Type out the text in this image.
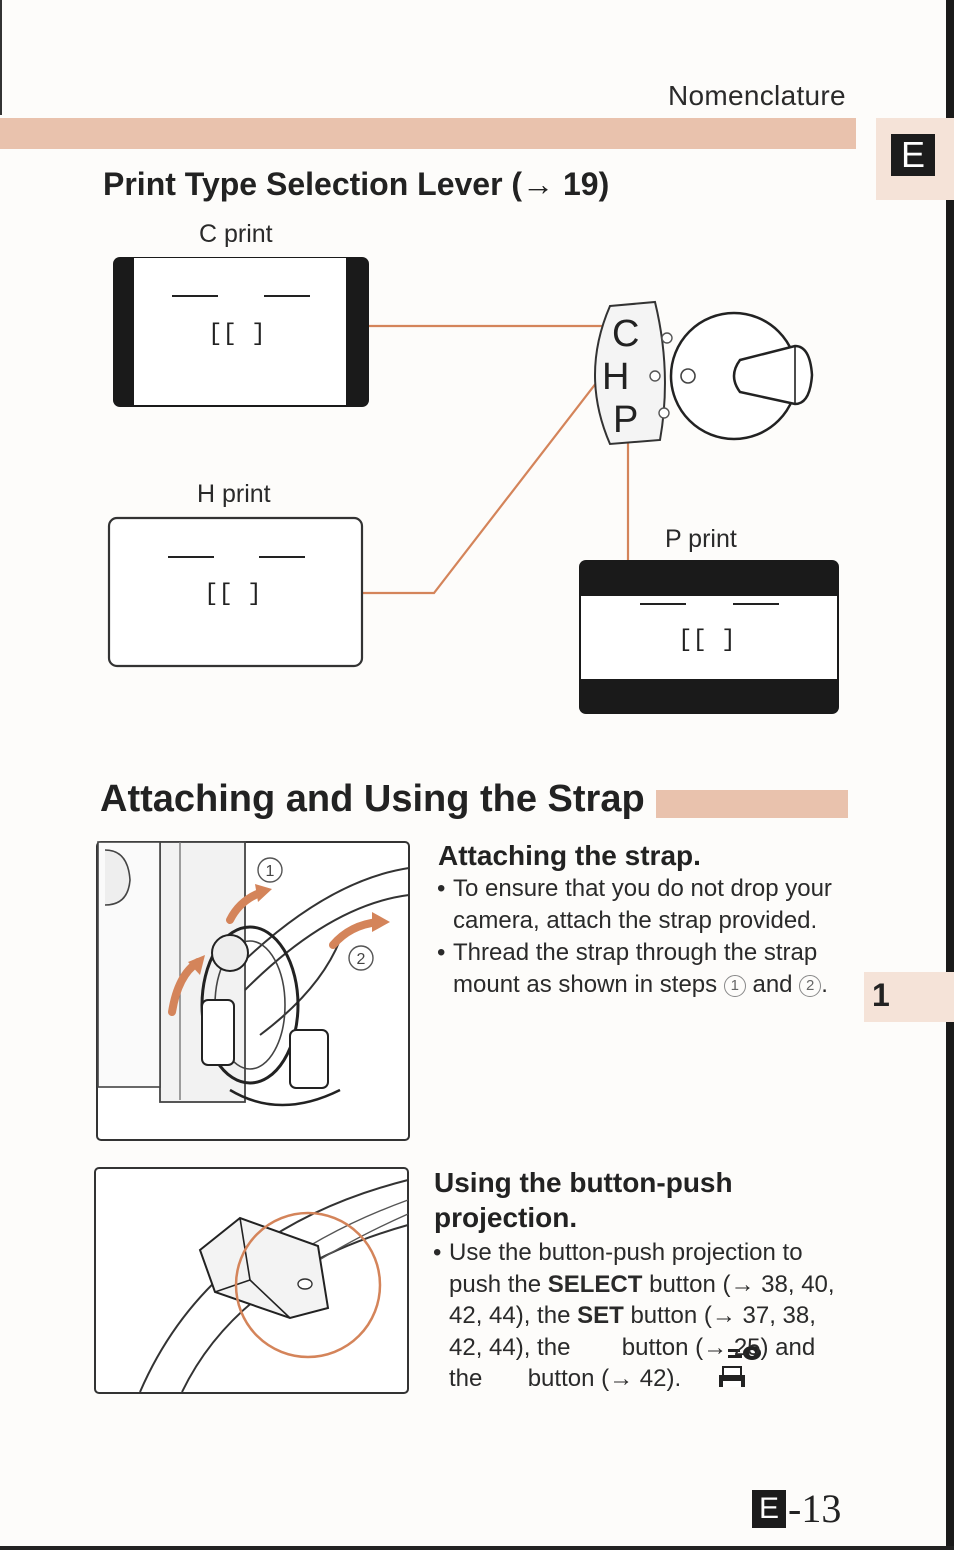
Nomenclature
E
Print Type Selection Lever (→ 19)
C print
H print
P print
[[ ]
[[ ]
[[ ]
C
H
P
1
2
Attaching and Using the Strap
Attaching the strap.
• To ensure that you do not drop your camera, attach the strap provided.
• Thread the strap through the strap mount as shown in steps 1 and 2 .
Using the button-push projection.
• Use the button-push projection to push the SELECT button (→ 38, 40, 42, 44), the SET button (→ 37, 38, 42, 44), the  button (→ 25) and the  button (→ 42).
1
E -13
